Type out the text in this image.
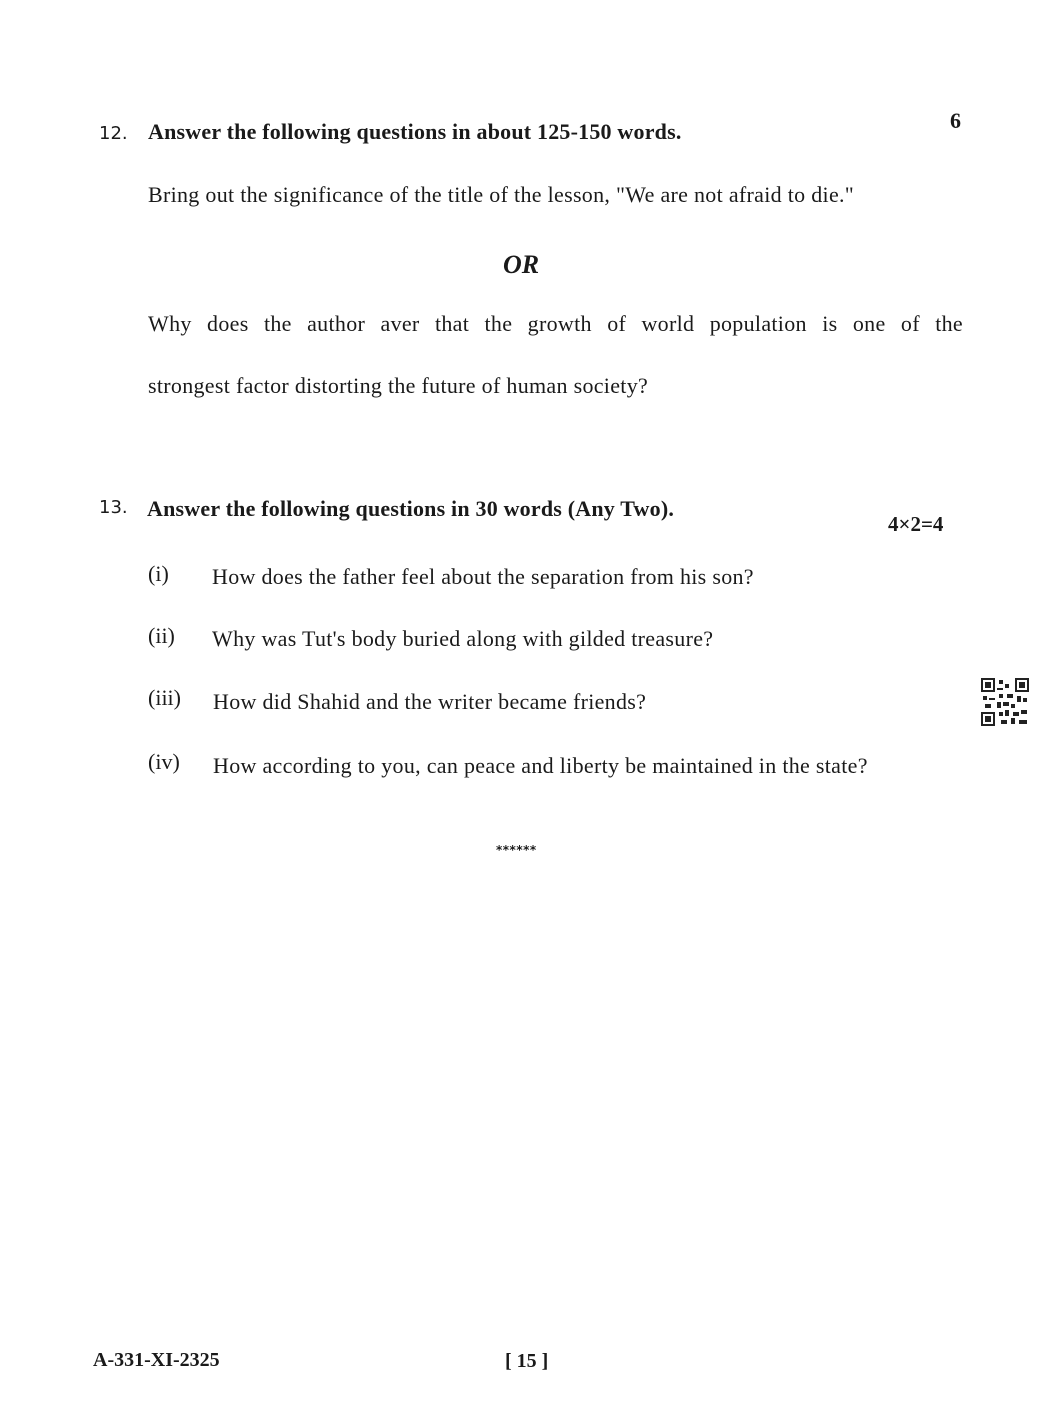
12. Answer the following questions in about 125-150 words.	6
Bring out the significance of the title of the lesson, "We are not afraid to die."
OR
Why does the author aver that the growth of world population is one of the
strongest factor distorting the future of human society?
13. Answer the following questions in 30 words (Any Two).
4×2=4
(i) How does the father feel about the separation from his son?
(ii) Why was Tut's body buried along with gilded treasure?
(iii) How did Shahid and the writer became friends?
(iv) How according to you, can peace and liberty be maintained in the state?
******
A-331-XI-2325	[ 15 ]
